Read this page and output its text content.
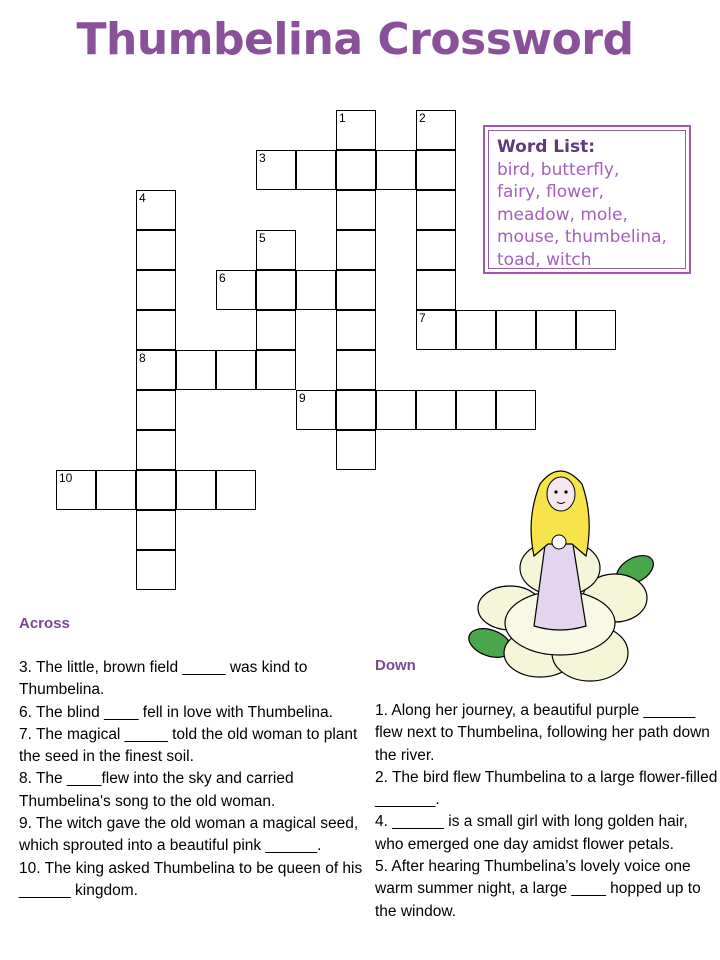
Thumbelina Crossword
1	2
7
3
4
8
5
6
9
10
Word List:
bird, butterfly,
fairy, flower,
meadow, mole,
mouse, thumbelina,
toad, witch
Across

3. The little, brown field _____ was kind to Thumbelina.

6. The blind ____ fell in love with Thumbelina.

7. The magical _____ told the old woman to plant the seed in the finest soil.

8. The ____flew into the sky and carried Thumbelina's song to the old woman.

9. The witch gave the old woman a magical seed, which sprouted into a beautiful pink ______.

10. The king asked Thumbelina to be queen of his ______ kingdom.

Down

1. Along her journey, a beautiful purple ______ flew next to Thumbelina, following her path down the river.

2. The bird flew Thumbelina to a large flower-filled _______.

4. ______ is a small girl with long golden hair, who emerged one day amidst flower petals.

5. After hearing Thumbelina’s lovely voice one warm summer night, a large ____ hopped up to the window.
